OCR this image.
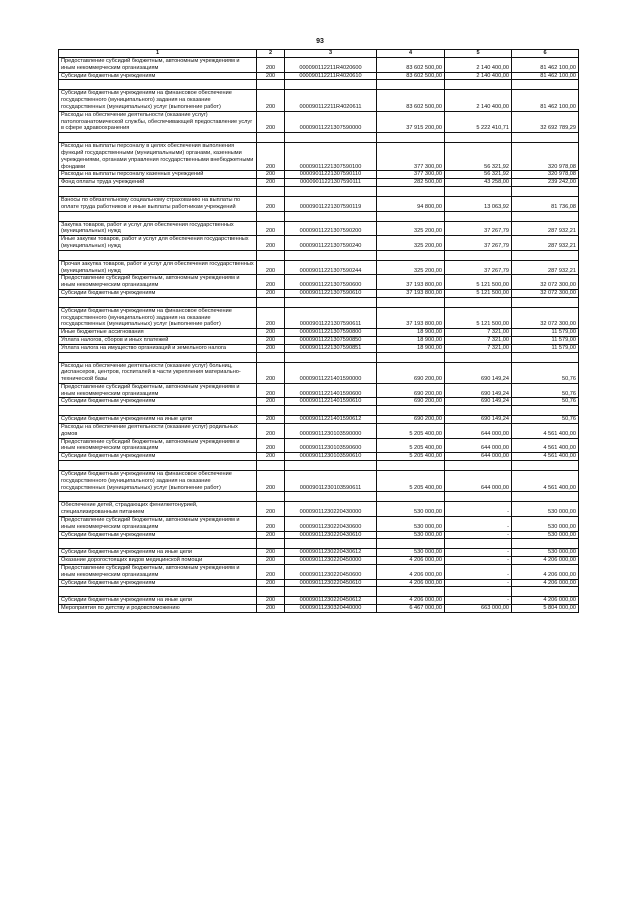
93
1	2	3	4	5	6
Предоставление субсидий бюджетным, автономным учреждениям и иным некоммерческим организациям	200	000090112211R4020600	83 602 500,00	2 140 400,00	81 462 100,00
Субсидии бюджетным учреждениям	200	000090112211R4020610	83 602 500,00	2 140 400,00	81 462 100,00

Субсидии бюджетным учреждениям на финансовое обеспечение государственного (муниципального) задания на оказание государственных (муниципальных) услуг (выполнение работ)	200	000090112211R4020611	83 602 500,00	2 140 400,00	81 462 100,00
Расходы на обеспечение деятельности (оказание услуг) патологоанатомической службы, обеспечивающей предоставление услуг в сфере здравоохранения	200	00009011221307590000	37 915 200,00	5 222 410,71	32 692 789,29

Расходы на выплаты персоналу в целях обеспечения выполнения функций государственными (муниципальными) органами, казенными учреждениями, органами управления государственными внебюджетными фондами	200	00009011221307590100	377 300,00	56 321,92	320 978,08
Расходы на выплаты персоналу казенных учреждений	200	00009011221307590110	377 300,00	56 321,92	320 978,08
Фонд оплаты труда учреждений	200	00009011221307590111	282 500,00	43 258,00	239 242,00

Взносы по обязательному социальному страхованию на выплаты по оплате труда работников и иные выплаты работникам учреждений	200	00009011221307590119	94 800,00	13 063,92	81 736,08

Закупка товаров, работ и услуг для обеспечения государственных (муниципальных) нужд	200	00009011221307590200	325 200,00	37 267,79	287 932,21
Иные закупки товаров, работ и услуг для обеспечения государственных (муниципальных) нужд	200	00009011221307590240	325 200,00	37 267,79	287 932,21

Прочая закупка товаров, работ и услуг для обеспечения государственных (муниципальных) нужд	200	00009011221307590244	325 200,00	37 267,79	287 932,21
Предоставление субсидий бюджетным, автономным учреждениям и иным некоммерческим организациям	200	00009011221307590600	37 193 800,00	5 121 500,00	32 072 300,00
Субсидии бюджетным учреждениям	200	00009011221307590610	37 193 800,00	5 121 500,00	32 072 300,00

Субсидии бюджетным учреждениям на финансовое обеспечение государственного (муниципального) задания на оказание государственных (муниципальных) услуг (выполнение работ)	200	00009011221307590611	37 193 800,00	5 121 500,00	32 072 300,00
Иные бюджетные ассигнования	200	00009011221307590800	18 900,00	7 321,00	11 579,00
Уплата налогов, сборов и иных платежей	200	00009011221307590850	18 900,00	7 321,00	11 579,00
Уплата налога на имущество организаций и земельного налога	200	00009011221307590851	18 900,00	7 321,00	11 579,00

Расходы на обеспечение деятельности (оказание услуг) больниц, диспансеров, центров, госпиталей в части укрепления материально-технической базы	200	00009011221401590000	690 200,00	690 149,24	50,76
Предоставление субсидий бюджетным, автономным учреждениям и иным некоммерческим организациям	200	00009011221401590600	690 200,00	690 149,24	50,76
Субсидии бюджетным учреждениям	200	00009011221401590610	690 200,00	690 149,24	50,76

Субсидии бюджетным учреждениям на иные цели	200	00009011221401590612	690 200,00	690 149,24	50,76
Расходы на обеспечение деятельности (оказание услуг) родильных домов	200	00009011230103590000	5 205 400,00	644 000,00	4 561 400,00
Предоставление субсидий бюджетным, автономным учреждениям и иным некоммерческим организациям	200	00009011230103590600	5 205 400,00	644 000,00	4 561 400,00
Субсидии бюджетным учреждениям	200	00009011230103590610	5 205 400,00	644 000,00	4 561 400,00

Субсидии бюджетным учреждениям на финансовое обеспечение государственного (муниципального) задания на оказание государственных (муниципальных) услуг (выполнение работ)	200	00009011230103590611	5 205 400,00	644 000,00	4 561 400,00

Обеспечение детей, страдающих фенилкетонурией, специализированным питанием	200	00009011230220430000	530 000,00	-	530 000,00
Предоставление субсидий бюджетным, автономным учреждениям и иным некоммерческим организациям	200	00009011230220430600	530 000,00	-	530 000,00
Субсидии бюджетным учреждениям	200	00009011230220430610	530 000,00	-	530 000,00

Субсидии бюджетным учреждениям на иные цели	200	00009011230220430612	530 000,00	-	530 000,00
Оказание дорогостоящих видов медицинской помощи	200	00009011230220450000	4 206 000,00	-	4 206 000,00
Предоставление субсидий бюджетным, автономным учреждениям и иным некоммерческим организациям	200	00009011230220450600	4 206 000,00	-	4 206 000,00
Субсидии бюджетным учреждениям	200	00009011230220450610	4 206 000,00	-	4 206 000,00

Субсидии бюджетным учреждениям на иные цели	200	00009011230220450612	4 206 000,00	-	4 206 000,00
Мероприятия по детству и родовспоможению	200	00009011230320440000	6 467 000,00	663 000,00	5 804 000,00
